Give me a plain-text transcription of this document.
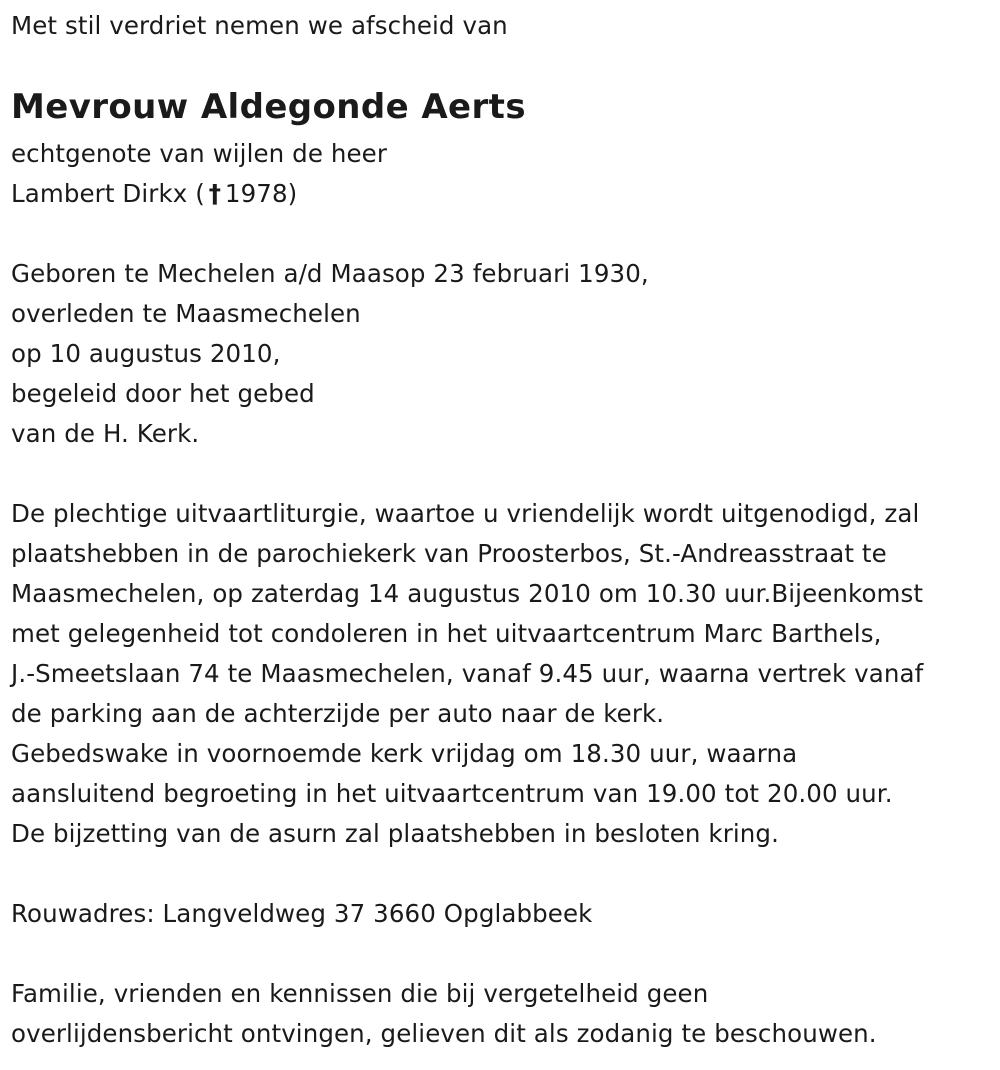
Met stil verdriet nemen we afscheid van
Mevrouw Aldegonde Aerts
echtgenote van wijlen de heer
Lambert Dirkx ( † 1978)
Geboren te Mechelen a/d Maasop 23 februari 1930,
overleden te Maasmechelen
op 10 augustus 2010,
begeleid door het gebed
van de H. Kerk.
De plechtige uitvaartliturgie, waartoe u vriendelijk wordt uitgenodigd, zal
plaatshebben in de parochiekerk van Proosterbos, St.-Andreasstraat te
Maasmechelen, op zaterdag 14 augustus 2010 om 10.30 uur.Bijeenkomst
met gelegenheid tot condoleren in het uitvaartcentrum Marc Barthels,
J.-Smeetslaan 74 te Maasmechelen, vanaf 9.45 uur, waarna vertrek vanaf
de parking aan de achterzijde per auto naar de kerk.
Gebedswake in voornoemde kerk vrijdag om 18.30 uur, waarna
aansluitend begroeting in het uitvaartcentrum van 19.00 tot 20.00 uur.
De bijzetting van de asurn zal plaatshebben in besloten kring.
Rouwadres: Langveldweg 37 3660 Opglabbeek
Familie, vrienden en kennissen die bij vergetelheid geen
overlijdensbericht ontvingen, gelieven dit als zodanig te beschouwen.
